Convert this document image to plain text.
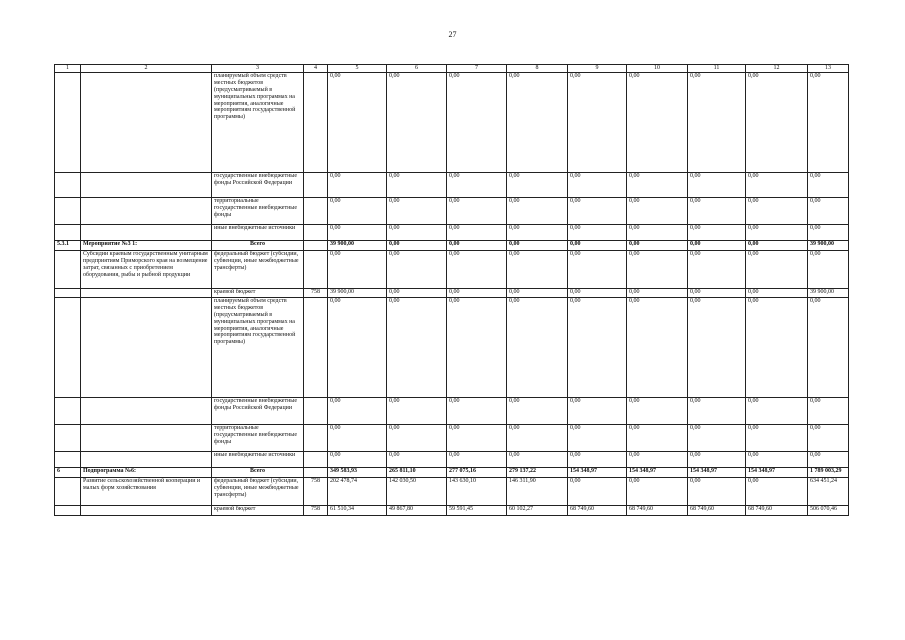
27
1	2	3	4	5	6	7	8	9	10	11	12	13
		планируемый объем средств местных бюджетов (предусматриваемый в муниципальных программах на мероприятия, аналогичные мероприятиям государственной программы)		0,00	0,00	0,00	0,00	0,00	0,00	0,00	0,00	0,00
		государственные внебюджетные фонды Российской Федерации		0,00	0,00	0,00	0,00	0,00	0,00	0,00	0,00	0,00
		территориальные государственные внебюджетные фонды		0,00	0,00	0,00	0,00	0,00	0,00	0,00	0,00	0,00
		иные внебюджетные источники		0,00	0,00	0,00	0,00	0,00	0,00	0,00	0,00	0,00
5.3.1	Мероприятие №3 1:	Всего		39 900,00	0,00	0,00	0,00	0,00	0,00	0,00	0,00	39 900,00
	Субсидии краевым государственным унитарным предприятиям Приморского края на возмещение затрат, связанных с приобретением оборудования, рыбы и рыбной продукции	федеральный бюджет (субсидии, субвенции, иные межбюджетные трансферты)		0,00	0,00	0,00	0,00	0,00	0,00	0,00	0,00	0,00
		краевой бюджет	758	39 900,00	0,00	0,00	0,00	0,00	0,00	0,00	0,00	39 900,00
		планируемый объем средств местных бюджетов (предусматриваемый в муниципальных программах на мероприятия, аналогичные мероприятиям государственной программы)		0,00	0,00	0,00	0,00	0,00	0,00	0,00	0,00	0,00
		государственные внебюджетные фонды Российской Федерации		0,00	0,00	0,00	0,00	0,00	0,00	0,00	0,00	0,00
		территориальные государственные внебюджетные фонды		0,00	0,00	0,00	0,00	0,00	0,00	0,00	0,00	0,00
		иные внебюджетные источники		0,00	0,00	0,00	0,00	0,00	0,00	0,00	0,00	0,00
6	Подпрограмма №6:	Всего		349 583,93	265 811,10	277 075,16	279 137,22	154 348,97	154 348,97	154 348,97	154 348,97	1 789 003,29
	Развитие сельскохозяйственной кооперации и малых форм хозяйствования	федеральный бюджет (субсидии, субвенции, иные межбюджетные трансферты)	758	202 478,74	142 030,50	143 630,10	146 311,90	0,00	0,00	0,00	0,00	634 451,24
		краевой бюджет	758	61 510,34	49 867,80	59 591,45	60 102,27	68 749,60	68 749,60	68 749,60	68 749,60	506 070,46
